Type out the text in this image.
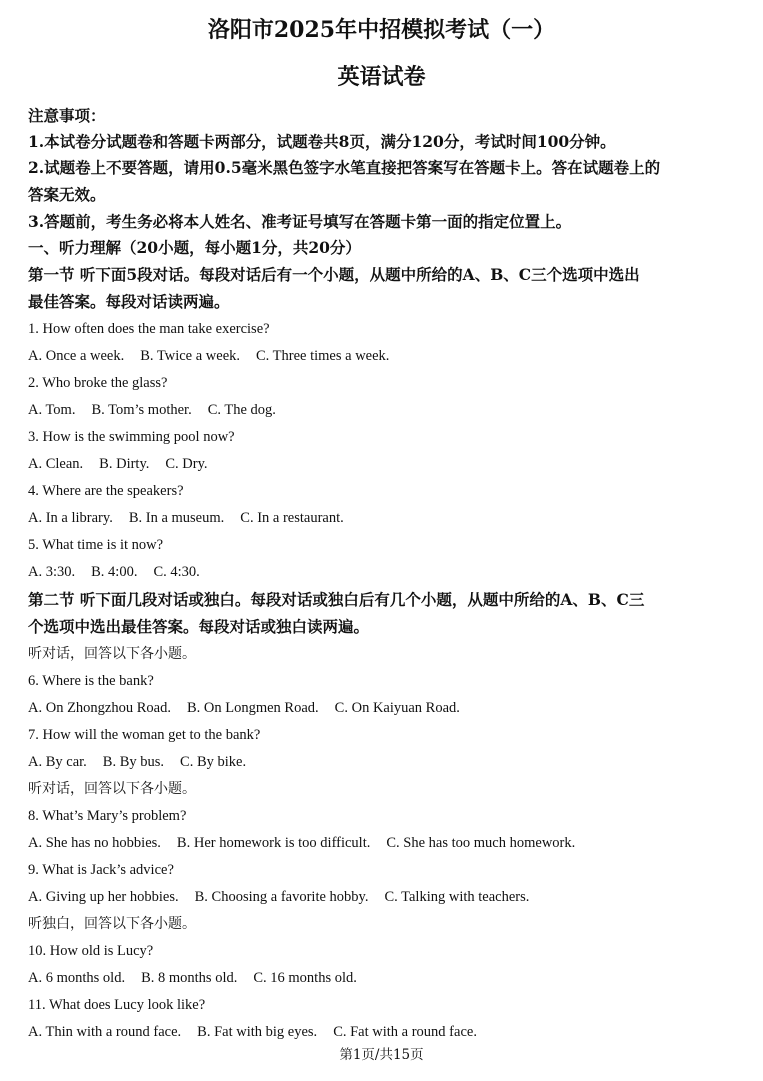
洛阳市2025年中招模拟考试（一）
英语试卷
注意事项：
1.本试卷分试题卷和答题卡两部分，试题卷共8页，满分120分，考试时间100分钟。
2.试题卷上不要答题，请用0.5毫米黑色签字水笔直接把答案写在答题卡上。答在试题卷上的
答案无效。
3.答题前，考生务必将本人姓名、准考证号填写在答题卡第一面的指定位置上。
一、听力理解（20小题，每小题1分，共20分）
第一节 听下面5段对话。每段对话后有一个小题，从题中所给的A、B、C三个选项中选出
最佳答案。每段对话读两遍。
1. How often does the man take exercise?
A. Once a week. B. Twice a week. C. Three times a week.
2. Who broke the glass?
A. Tom. B. Tom’s mother. C. The dog.
3. How is the swimming pool now?
A. Clean. B. Dirty. C. Dry.
4. Where are the speakers?
A. In a library. B. In a museum. C. In a restaurant.
5. What time is it now?
A. 3:30. B. 4:00. C. 4:30.
第二节 听下面几段对话或独白。每段对话或独白后有几个小题，从题中所给的A、B、C三
个选项中选出最佳答案。每段对话或独白读两遍。
听对话，回答以下各小题。
6. Where is the bank?
A. On Zhongzhou Road. B. On Longmen Road. C. On Kaiyuan Road.
7. How will the woman get to the bank?
A. By car. B. By bus. C. By bike.
听对话，回答以下各小题。
8. What’s Mary’s problem?
A. She has no hobbies. B. Her homework is too difficult. C. She has too much homework.
9. What is Jack’s advice?
A. Giving up her hobbies. B. Choosing a favorite hobby. C. Talking with teachers.
听独白，回答以下各小题。
10. How old is Lucy?
A. 6 months old. B. 8 months old. C. 16 months old.
11. What does Lucy look like?
A. Thin with a round face. B. Fat with big eyes. C. Fat with a round face.
第1页/共15页
